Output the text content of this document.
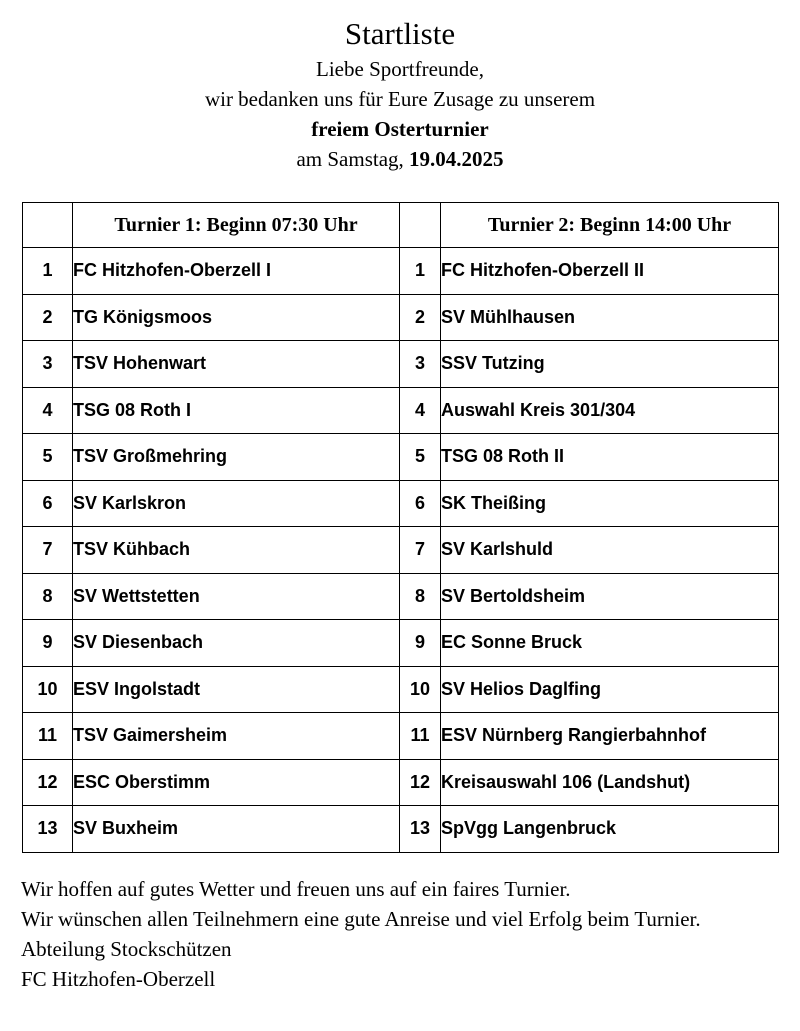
Startliste
Liebe Sportfreunde,
wir bedanken uns für Eure Zusage zu unserem
freiem Osterturnier
am Samstag, 19.04.2025
	Turnier 1: Beginn 07:30 Uhr		Turnier 2: Beginn 14:00 Uhr
1	FC Hitzhofen-Oberzell I	1	FC Hitzhofen-Oberzell II
2	TG Königsmoos	2	SV Mühlhausen
3	TSV Hohenwart	3	SSV Tutzing
4	TSG 08 Roth I	4	Auswahl Kreis 301/304
5	TSV Großmehring	5	TSG 08 Roth II
6	SV Karlskron	6	SK Theißing
7	TSV Kühbach	7	SV Karlshuld
8	SV Wettstetten	8	SV Bertoldsheim
9	SV Diesenbach	9	EC Sonne Bruck
10	ESV Ingolstadt	10	SV Helios Daglfing
11	TSV Gaimersheim	11	ESV Nürnberg Rangierbahnhof
12	ESC Oberstimm	12	Kreisauswahl 106 (Landshut)
13	SV Buxheim	13	SpVgg Langenbruck
Wir hoffen auf gutes Wetter und freuen uns auf ein faires Turnier.
Wir wünschen allen Teilnehmern eine gute Anreise und viel Erfolg beim Turnier.
Abteilung Stockschützen
FC Hitzhofen-Oberzell
